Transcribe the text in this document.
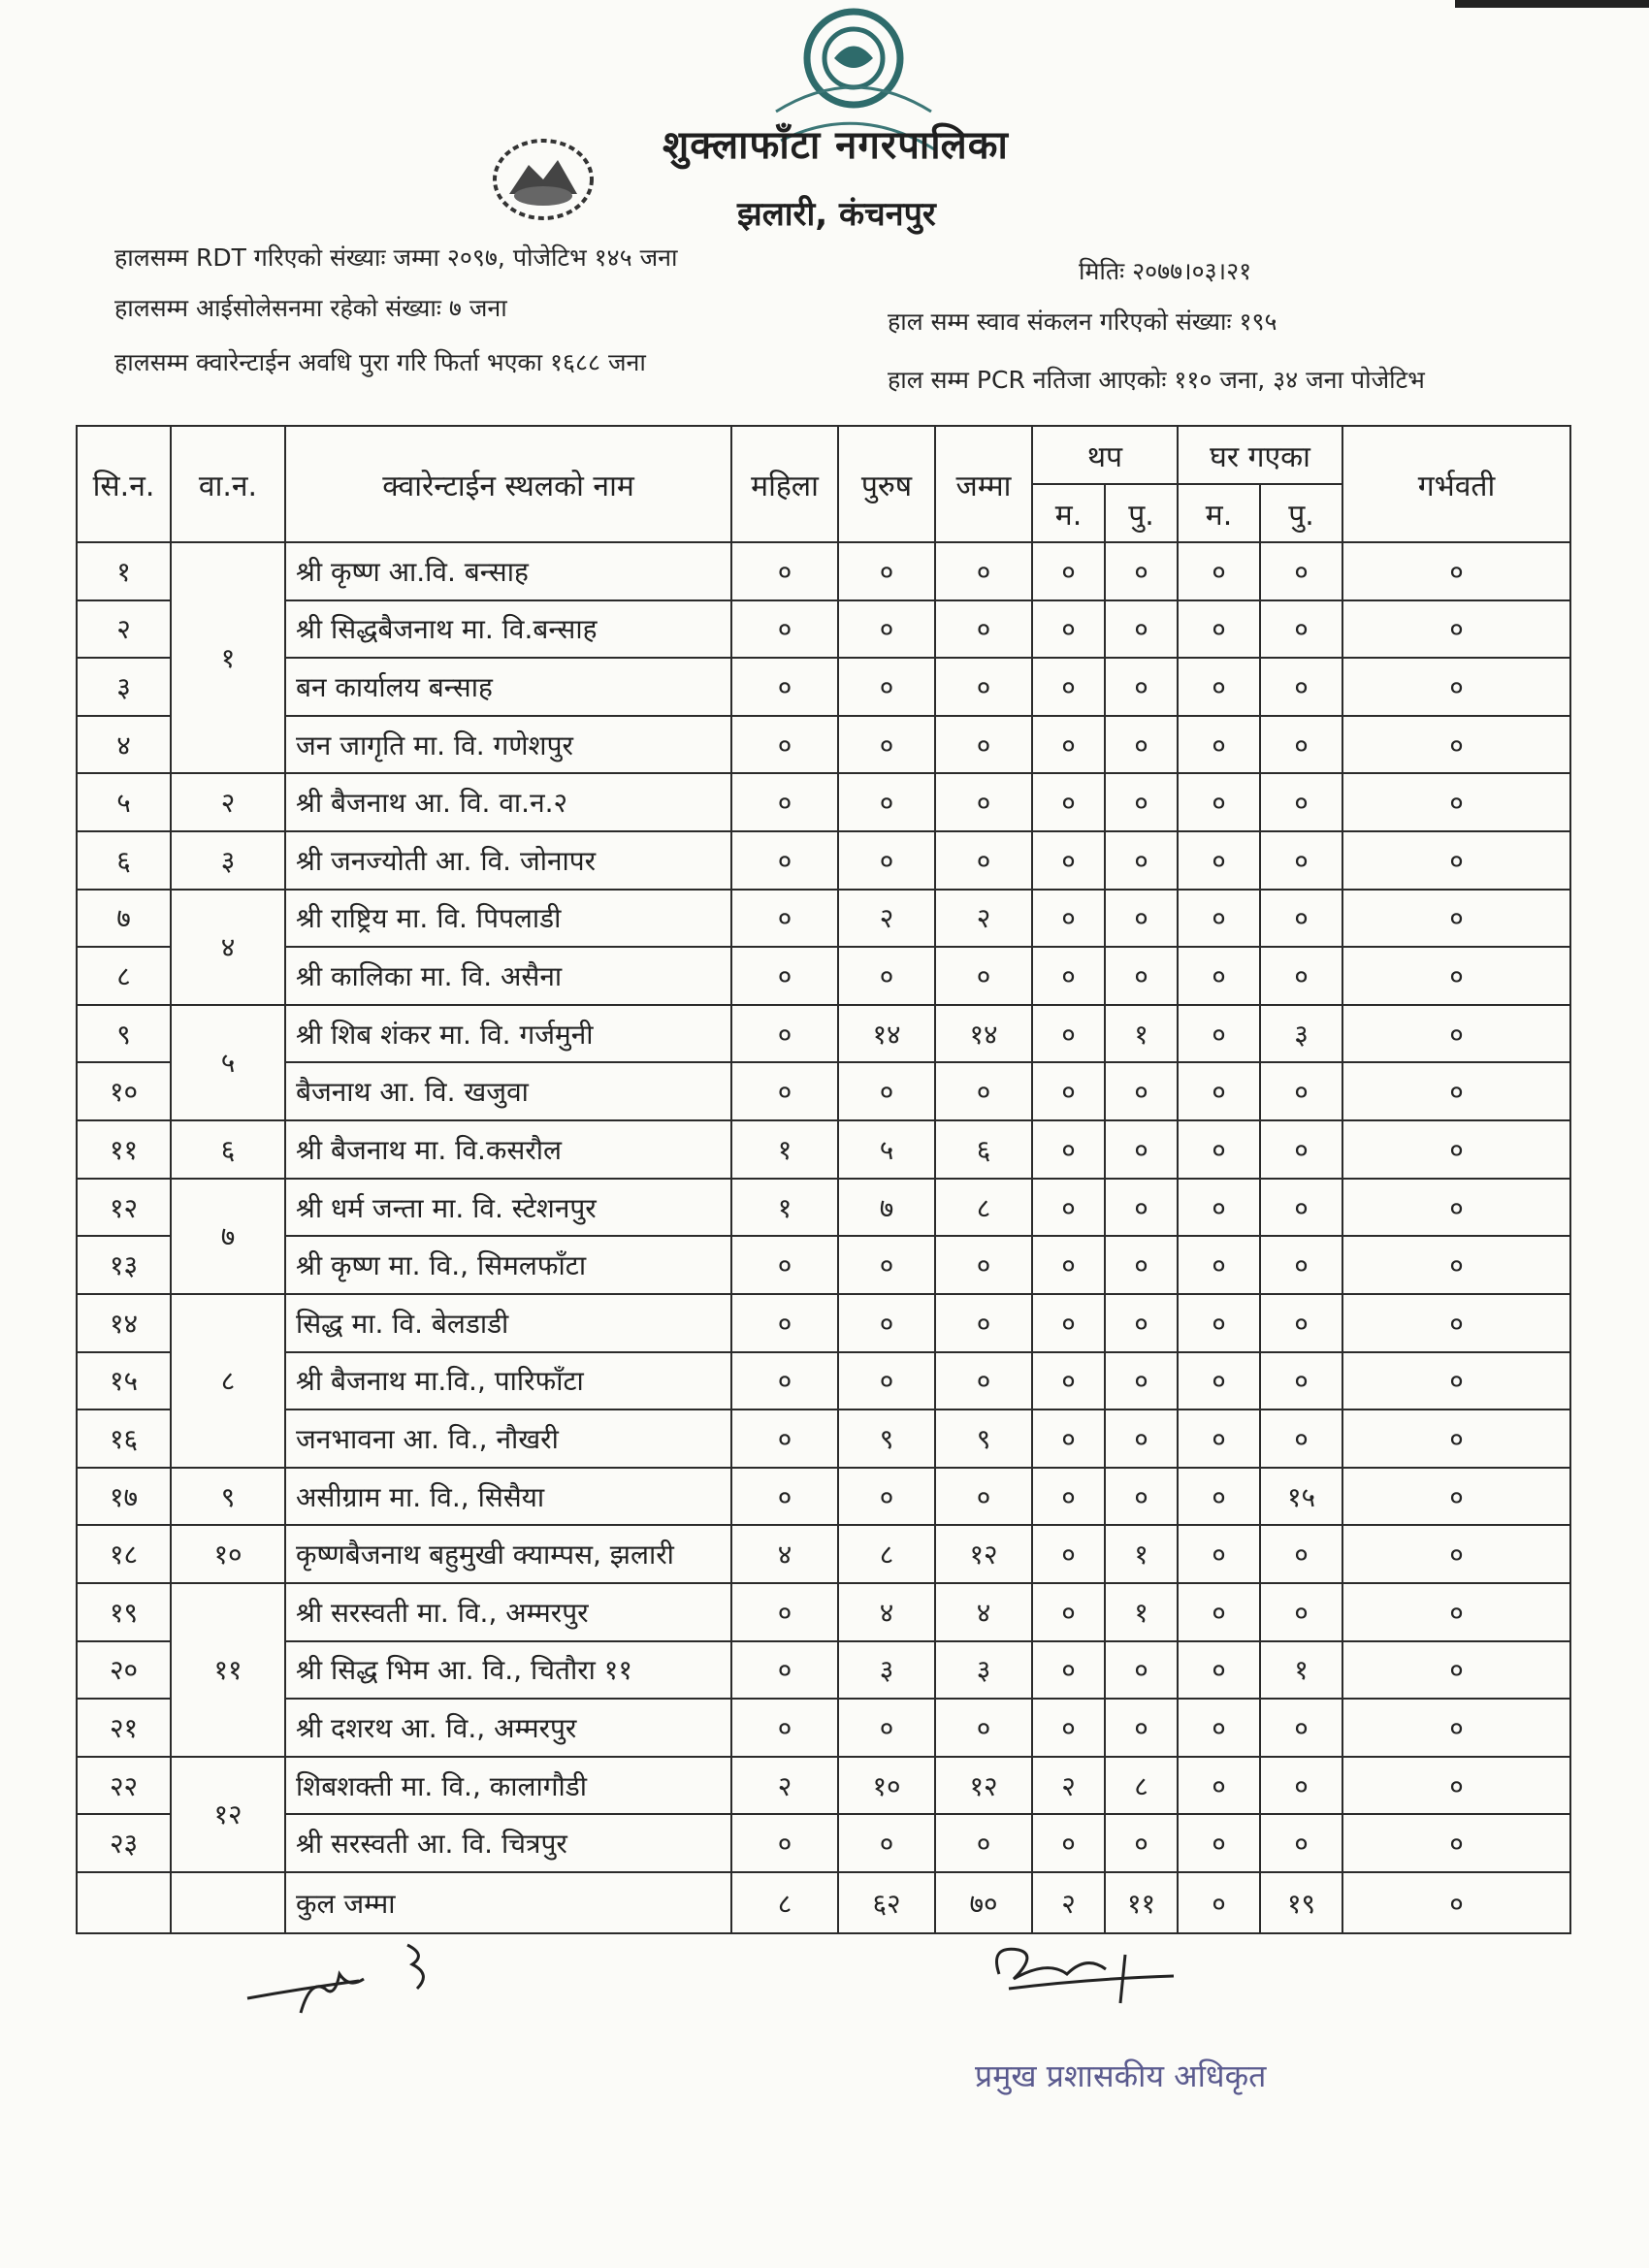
शुक्लाफाँटा नगरपालिका
झलारी, कंचनपुर
हालसम्म RDT गरिएको संख्याः जम्मा २०९७, पोजेटिभ १४५ जना
हालसम्म आईसोलेसनमा रहेको संख्याः ७ जना
हालसम्म क्वारेन्टाईन अवधि पुरा गरि फिर्ता भएका १६८८ जना
मितिः २०७७।०३।२१
हाल सम्म स्वाव संकलन गरिएको संख्याः १९५
हाल सम्म PCR नतिजा आएकोः ११० जना, ३४ जना पोजेटिभ
सि.न.	वा.न.	क्वारेन्टाईन स्थलको नाम	महिला	पुरुष	जम्मा	थप		घर गएका		गर्भवती
						म.	पु.	म.	पु.	
१	१	श्री कृष्ण आ.वि. बन्साह	०	०	०	०	०	०	०	०
२		श्री सिद्धबैजनाथ मा. वि.बन्साह	०	०	०	०	०	०	०	०
३		बन कार्यालय बन्साह	०	०	०	०	०	०	०	०
४		जन जागृति मा. वि. गणेशपुर	०	०	०	०	०	०	०	०
५	२	श्री बैजनाथ आ. वि. वा.न.२	०	०	०	०	०	०	०	०
६	३	श्री जनज्योती आ. वि. जोनापर	०	०	०	०	०	०	०	०
७	४	श्री राष्ट्रिय मा. वि. पिपलाडी	०	२	२	०	०	०	०	०
८		श्री कालिका मा. वि. असैना	०	०	०	०	०	०	०	०
९	५	श्री शिब शंकर मा. वि. गर्जमुनी	०	१४	१४	०	१	०	३	०
१०		बैजनाथ आ. वि. खजुवा	०	०	०	०	०	०	०	०
११	६	श्री बैजनाथ मा. वि.कसरौल	१	५	६	०	०	०	०	०
१२	७	श्री धर्म जन्ता मा. वि. स्टेशनपुर	१	७	८	०	०	०	०	०
१३		श्री कृष्ण मा. वि., सिमलफाँटा	०	०	०	०	०	०	०	०
१४	८	सिद्ध मा. वि. बेलडाडी	०	०	०	०	०	०	०	०
१५		श्री बैजनाथ मा.वि., पारिफाँटा	०	०	०	०	०	०	०	०
१६		जनभावना आ. वि., नौखरी	०	९	९	०	०	०	०	०
१७	९	असीग्राम मा. वि., सिसैया	०	०	०	०	०	०	१५	०
१८	१०	कृष्णबैजनाथ बहुमुखी क्याम्पस, झलारी	४	८	१२	०	१	०	०	०
१९	११	श्री सरस्वती मा. वि., अम्मरपुर	०	४	४	०	१	०	०	०
२०		श्री सिद्ध भिम आ. वि., चितौरा ११	०	३	३	०	०	०	१	०
२१		श्री दशरथ आ. वि., अम्मरपुर	०	०	०	०	०	०	०	०
२२	१२	शिबशक्ती मा. वि., कालागौडी	२	१०	१२	२	८	०	०	०
२३		श्री सरस्वती आ. वि. चित्रपुर	०	०	०	०	०	०	०	०
		कुल जम्मा	८	६२	७०	२	११	०	१९	०
प्रमुख प्रशासकीय अधिकृत
